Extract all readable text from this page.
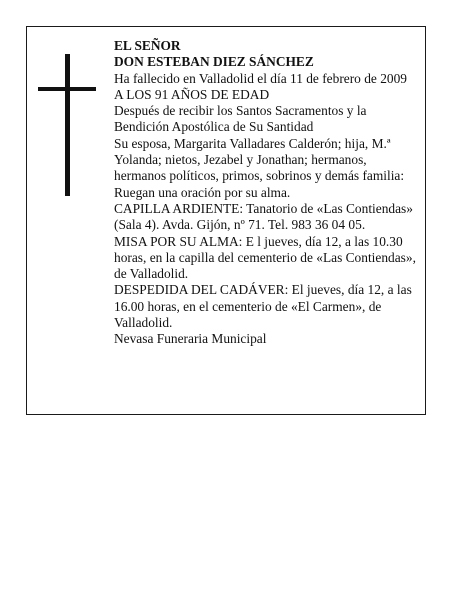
EL SEÑOR

DON ESTEBAN DIEZ SÁNCHEZ

Ha fallecido en Valladolid el día 11 de febrero de 2009

A LOS 91 AÑOS DE EDAD

Después de recibir los Santos Sacramentos y la Bendición Apostólica de Su Santidad

Su esposa, Margarita Valladares Calderón; hija, M.ª Yolanda; nietos, Jezabel y Jonathan; hermanos, hermanos políticos, primos, sobrinos y demás familia:

Ruegan una oración por su alma.

CAPILLA ARDIENTE: Tanatorio de «Las Contiendas» (Sala 4). Avda. Gijón, nº 71. Tel. 983 36 04 05.

MISA POR SU ALMA: E l jueves, día 12, a las 10.30 horas, en la capilla del cementerio de «Las Contiendas», de Valladolid.

DESPEDIDA DEL CADÁVER: El jueves, día 12, a las 16.00 horas, en el cementerio de «El Carmen», de Valladolid.

Nevasa Funeraria Municipal
